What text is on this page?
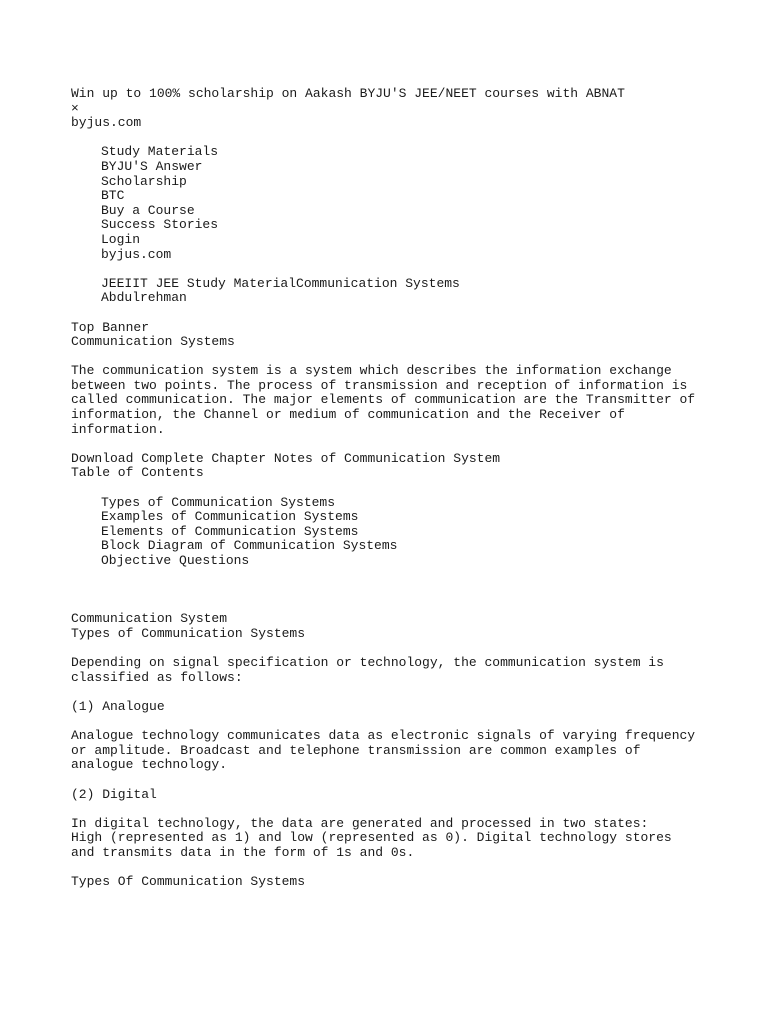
Win up to 100% scholarship on Aakash BYJU'S JEE/NEET courses with ABNAT
×
byjus.com
Study Materials
BYJU'S Answer
Scholarship
BTC
Buy a Course
Success Stories
Login
byjus.com
JEEIIT JEE Study MaterialCommunication Systems
Abdulrehman
Top Banner
Communication Systems
The communication system is a system which describes the information exchange between two points. The process of transmission and reception of information is called communication. The major elements of communication are the Transmitter of information, the Channel or medium of communication and the Receiver of information.
Download Complete Chapter Notes of Communication System
Table of Contents
Types of Communication Systems
Examples of Communication Systems
Elements of Communication Systems
Block Diagram of Communication Systems
Objective Questions
Communication System
Types of Communication Systems
Depending on signal specification or technology, the communication system is classified as follows:
(1) Analogue
Analogue technology communicates data as electronic signals of varying frequency or amplitude. Broadcast and telephone transmission are common examples of analogue technology.
(2) Digital
In digital technology, the data are generated and processed in two states: High (represented as 1) and low (represented as 0). Digital technology stores and transmits data in the form of 1s and 0s.
Types Of Communication Systems
